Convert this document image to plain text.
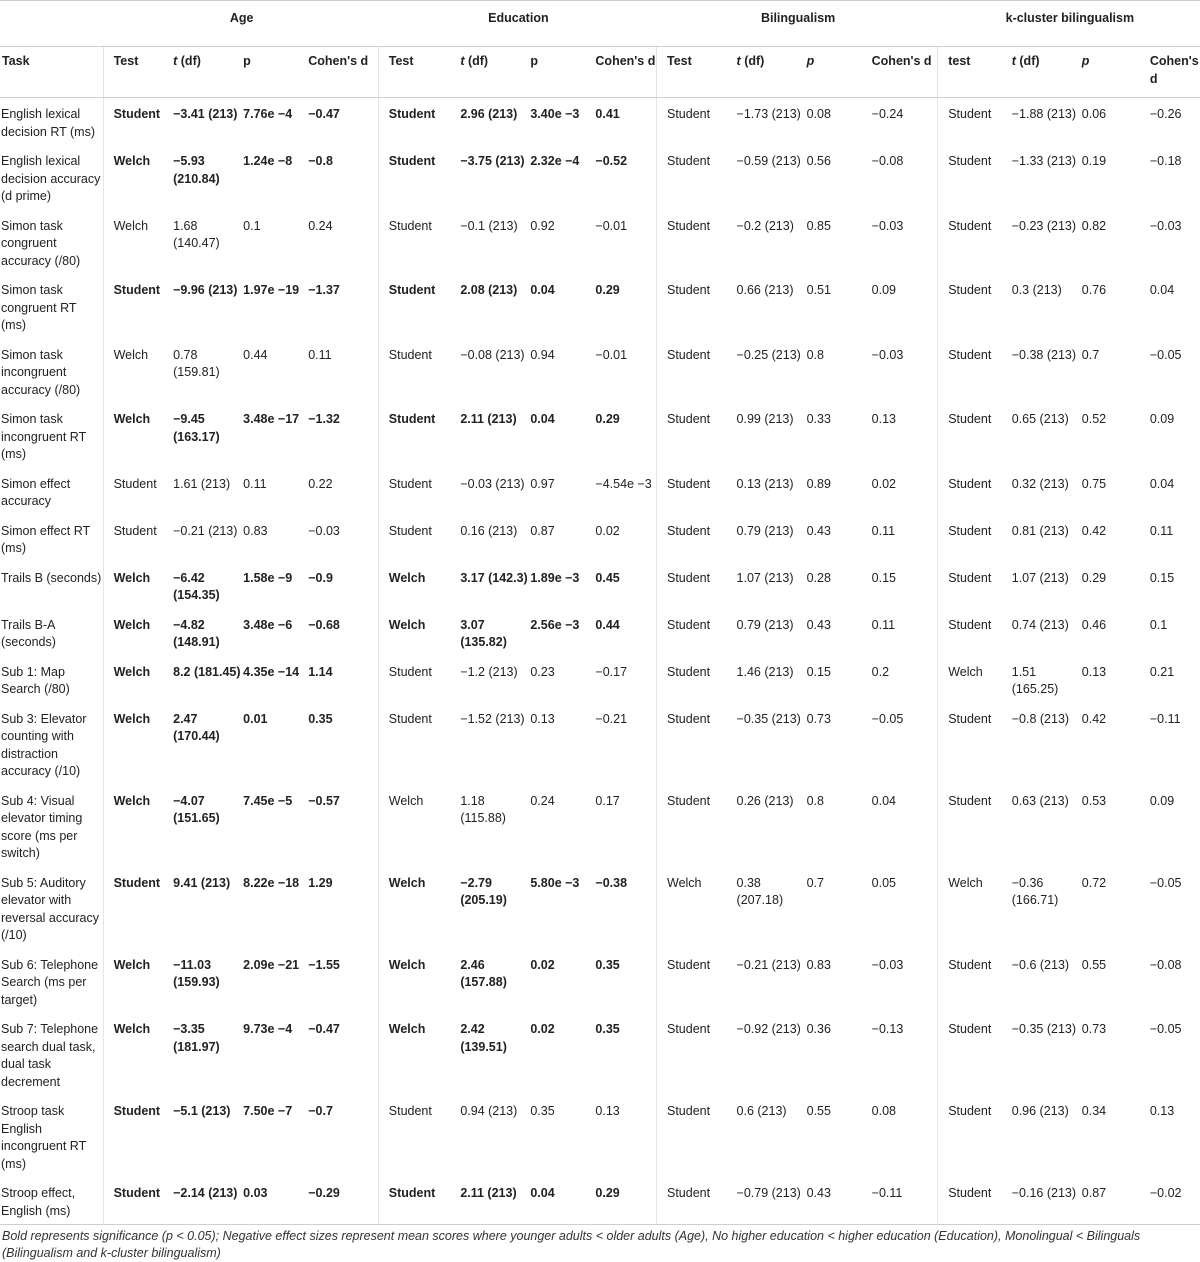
	Age				Education				Bilingualism				k-cluster bilingualism			

Task	Test	t (df)	p	Cohen's d	Test	t (df)	p	Cohen's d	Test	t (df)	p	Cohen's d	test	t (df)	p	Cohen's d
English lexical decision RT (ms)	Student	−3.41 (213)	7.76e −4	−0.47	Student	2.96 (213)	3.40e −3	0.41	Student	−1.73 (213)	0.08	−0.24	Student	−1.88 (213)	0.06	−0.26
English lexical decision accuracy (d prime)	Welch	−5.93 (210.84)	1.24e −8	−0.8	Student	−3.75 (213)	2.32e −4	−0.52	Student	−0.59 (213)	0.56	−0.08	Student	−1.33 (213)	0.19	−0.18
Simon task congruent accuracy (/80)	Welch	1.68 (140.47)	0.1	0.24	Student	−0.1 (213)	0.92	−0.01	Student	−0.2 (213)	0.85	−0.03	Student	−0.23 (213)	0.82	−0.03
Simon task congruent RT (ms)	Student	−9.96 (213)	1.97e −19	−1.37	Student	2.08 (213)	0.04	0.29	Student	0.66 (213)	0.51	0.09	Student	0.3 (213)	0.76	0.04
Simon task incongruent accuracy (/80)	Welch	0.78 (159.81)	0.44	0.11	Student	−0.08 (213)	0.94	−0.01	Student	−0.25 (213)	0.8	−0.03	Student	−0.38 (213)	0.7	−0.05
Simon task incongruent RT (ms)	Welch	−9.45 (163.17)	3.48e −17	−1.32	Student	2.11 (213)	0.04	0.29	Student	0.99 (213)	0.33	0.13	Student	0.65 (213)	0.52	0.09
Simon effect accuracy	Student	1.61 (213)	0.11	0.22	Student	−0.03 (213)	0.97	−4.54e −3	Student	0.13 (213)	0.89	0.02	Student	0.32 (213)	0.75	0.04
Simon effect RT (ms)	Student	−0.21 (213)	0.83	−0.03	Student	0.16 (213)	0.87	0.02	Student	0.79 (213)	0.43	0.11	Student	0.81 (213)	0.42	0.11
Trails B (seconds)	Welch	−6.42 (154.35)	1.58e −9	−0.9	Welch	3.17 (142.3)	1.89e −3	0.45	Student	1.07 (213)	0.28	0.15	Student	1.07 (213)	0.29	0.15
Trails B-A (seconds)	Welch	−4.82 (148.91)	3.48e −6	−0.68	Welch	3.07 (135.82)	2.56e −3	0.44	Student	0.79 (213)	0.43	0.11	Student	0.74 (213)	0.46	0.1
Sub 1: Map Search (/80)	Welch	8.2 (181.45)	4.35e −14	1.14	Student	−1.2 (213)	0.23	−0.17	Student	1.46 (213)	0.15	0.2	Welch	1.51 (165.25)	0.13	0.21
Sub 3: Elevator counting with distraction accuracy (/10)	Welch	2.47 (170.44)	0.01	0.35	Student	−1.52 (213)	0.13	−0.21	Student	−0.35 (213)	0.73	−0.05	Student	−0.8 (213)	0.42	−0.11
Sub 4: Visual elevator timing score (ms per switch)	Welch	−4.07 (151.65)	7.45e −5	−0.57	Welch	1.18 (115.88)	0.24	0.17	Student	0.26 (213)	0.8	0.04	Student	0.63 (213)	0.53	0.09
Sub 5: Auditory elevator with reversal accuracy (/10)	Student	9.41 (213)	8.22e −18	1.29	Welch	−2.79 (205.19)	5.80e −3	−0.38	Welch	0.38 (207.18)	0.7	0.05	Welch	−0.36 (166.71)	0.72	−0.05
Sub 6: Telephone Search (ms per target)	Welch	−11.03 (159.93)	2.09e −21	−1.55	Welch	2.46 (157.88)	0.02	0.35	Student	−0.21 (213)	0.83	−0.03	Student	−0.6 (213)	0.55	−0.08
Sub 7: Telephone search dual task, dual task decrement	Welch	−3.35 (181.97)	9.73e −4	−0.47	Welch	2.42 (139.51)	0.02	0.35	Student	−0.92 (213)	0.36	−0.13	Student	−0.35 (213)	0.73	−0.05
Stroop task English incongruent RT (ms)	Student	−5.1 (213)	7.50e −7	−0.7	Student	0.94 (213)	0.35	0.13	Student	0.6 (213)	0.55	0.08	Student	0.96 (213)	0.34	0.13
Stroop effect, English (ms)	Student	−2.14 (213)	0.03	−0.29	Student	2.11 (213)	0.04	0.29	Student	−0.79 (213)	0.43	−0.11	Student	−0.16 (213)	0.87	−0.02
Bold represents significance (p < 0.05); Negative effect sizes represent mean scores where younger adults < older adults (Age), No higher education < higher education (Education), Monolingual < Bilinguals (Bilingualism and k-cluster bilingualism)
